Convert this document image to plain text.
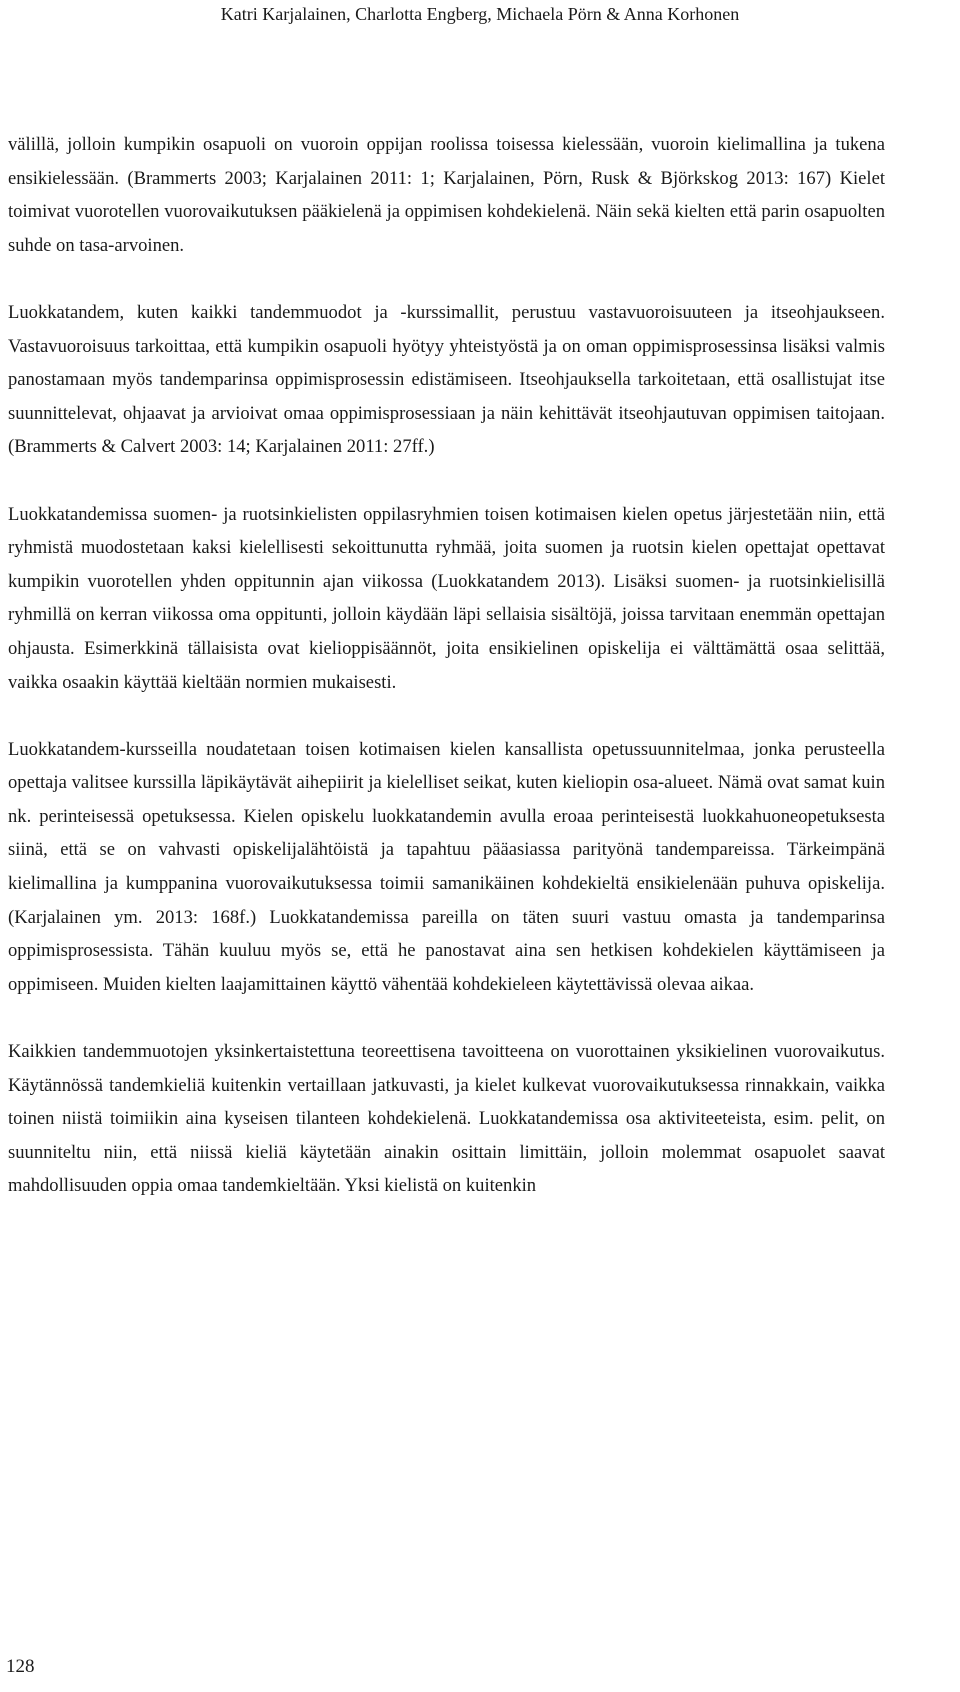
Katri Karjalainen, Charlotta Engberg, Michaela Pörn & Anna Korhonen

välillä, jolloin kumpikin osapuoli on vuoroin oppijan roolissa toisessa kielessään, vuoroin kielimallina ja tukena ensikielessään. (Brammerts 2003; Karjalainen 2011: 1; Karjalainen, Pörn, Rusk & Björkskog 2013: 167) Kielet toimivat vuorotellen vuorovaikutuksen pääkielenä ja oppimisen kohdekielenä. Näin sekä kielten että parin osapuolten suhde on tasa-arvoinen.

Luokkatandem, kuten kaikki tandemmuodot ja -kurssimallit, perustuu vastavuoroisuuteen ja itseohjaukseen. Vastavuoroisuus tarkoittaa, että kumpikin osapuoli hyötyy yhteistyöstä ja on oman oppimisprosessinsa lisäksi valmis panostamaan myös tandemparinsa oppimisprosessin edistämiseen. Itseohjauksella tarkoitetaan, että osallistujat itse suunnittelevat, ohjaavat ja arvioivat omaa oppimisprosessiaan ja näin kehittävät itseohjautuvan oppimisen taitojaan. (Brammerts & Calvert 2003: 14; Karjalainen 2011: 27ff.)

Luokkatandemissa suomen- ja ruotsinkielisten oppilasryhmien toisen kotimaisen kielen opetus järjestetään niin, että ryhmistä muodostetaan kaksi kielellisesti sekoittunutta ryhmää, joita suomen ja ruotsin kielen opettajat opettavat kumpikin vuorotellen yhden oppitunnin ajan viikossa (Luokkatandem 2013). Lisäksi suomen- ja ruotsinkielisillä ryhmillä on kerran viikossa oma oppitunti, jolloin käydään läpi sellaisia sisältöjä, joissa tarvitaan enemmän opettajan ohjausta. Esimerkkinä tällaisista ovat kielioppisäännöt, joita ensikielinen opiskelija ei välttämättä osaa selittää, vaikka osaakin käyttää kieltään normien mukaisesti.

Luokkatandem-kursseilla noudatetaan toisen kotimaisen kielen kansallista opetussuunnitelmaa, jonka perusteella opettaja valitsee kurssilla läpikäytävät aihepiirit ja kielelliset seikat, kuten kieliopin osa-alueet. Nämä ovat samat kuin nk. perinteisessä opetuksessa. Kielen opiskelu luokkatandemin avulla eroaa perinteisestä luokkahuoneopetuksesta siinä, että se on vahvasti opiskelijalähtöistä ja tapahtuu pääasiassa parityönä tandempareissa. Tärkeimpänä kielimallina ja kumppanina vuorovaikutuksessa toimii samanikäinen kohdekieltä ensikielenään puhuva opiskelija. (Karjalainen ym. 2013: 168f.) Luokkatandemissa pareilla on täten suuri vastuu omasta ja tandemparinsa oppimisprosessista. Tähän kuuluu myös se, että he panostavat aina sen hetkisen kohdekielen käyttämiseen ja oppimiseen. Muiden kielten laajamittainen käyttö vähentää kohdekieleen käytettävissä olevaa aikaa.

Kaikkien tandemmuotojen yksinkertaistettuna teoreettisena tavoitteena on vuorottainen yksikielinen vuorovaikutus. Käytännössä tandemkieliä kuitenkin vertaillaan jatkuvasti, ja kielet kulkevat vuorovaikutuksessa rinnakkain, vaikka toinen niistä toimiikin aina kyseisen tilanteen kohdekielenä. Luokkatandemissa osa aktiviteeteista, esim. pelit, on suunniteltu niin, että niissä kieliä käytetään ainakin osittain limittäin, jolloin molemmat osapuolet saavat mahdollisuuden oppia omaa tandemkieltään. Yksi kielistä on kuitenkin

128
